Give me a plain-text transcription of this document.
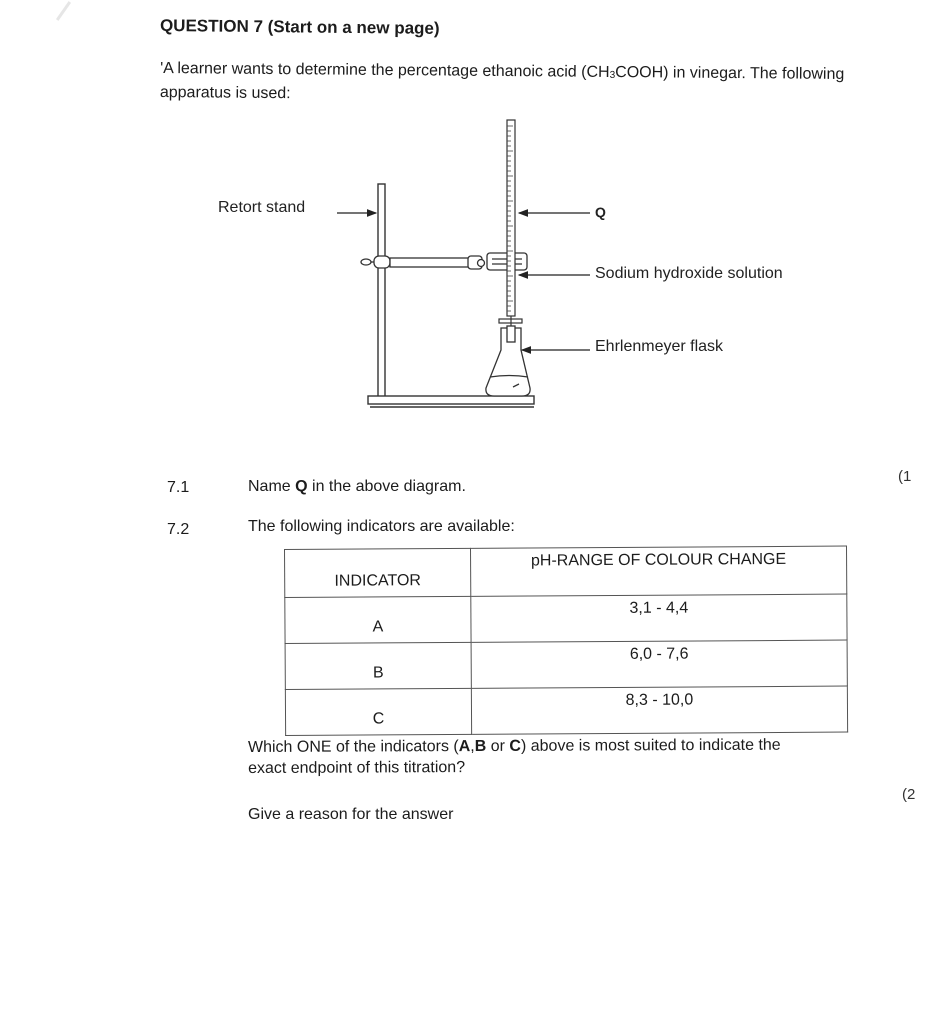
QUESTION 7 (Start on a new page)
'A learner wants to determine the percentage ethanoic acid $(CH_3COOH)$ in vinegar. The following apparatus is used:
Retort stand	Q
Sodium hydroxide solution
Ehrlenmeyer flask
7.1	Name Q in the above diagram.
(1
7.2	The following indicators are available:
INDICATOR	pH-RANGE OF COLOUR CHANGE
A	3,1 - 4,4
B	6,0 - 7,6
C	8,3 - 10,0
Which ONE of the indicators (A,B or C) above is most suited to indicate the
exact endpoint of this titration?
(2
Give a reason for the answer
